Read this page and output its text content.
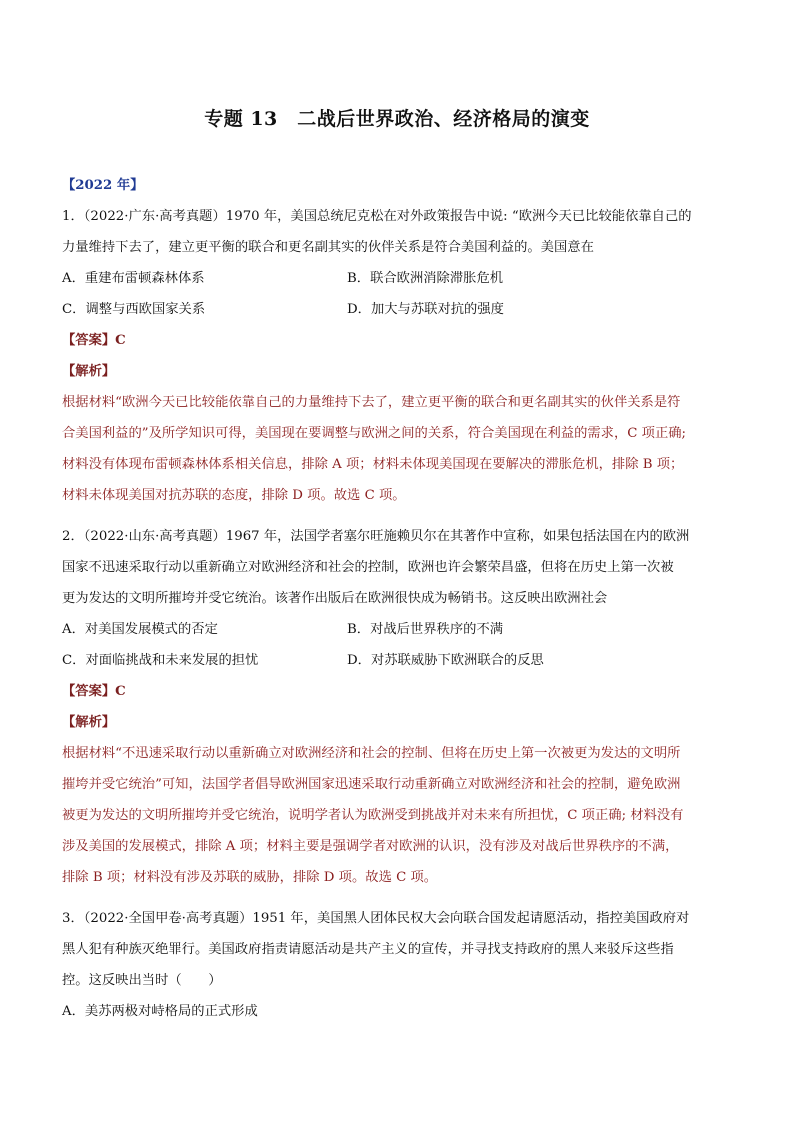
专题 13　二战后世界政治、经济格局的演变
【2022 年】
1．（2022·广东·高考真题）1970 年，美国总统尼克松在对外政策报告中说: “欧洲今天已比较能依靠自己的
力量维持下去了，建立更平衡的联合和更名副其实的伙伴关系是符合美国利益的。美国意在
A．重建布雷顿森林体系	B．联合欧洲消除滞胀危机
C．调整与西欧国家关系	D．加大与苏联对抗的强度
【答案】C
【解析】
根据材料“欧洲今天已比较能依靠自己的力量维持下去了，建立更平衡的联合和更名副其实的伙伴关系是符
合美国利益的”及所学知识可得，美国现在要调整与欧洲之间的关系，符合美国现在利益的需求，C 项正确;
材料没有体现布雷顿森林体系相关信息，排除 A 项；材料未体现美国现在要解决的滞胀危机，排除 B 项；
材料未体现美国对抗苏联的态度，排除 D 项。故选 C 项。
2．（2022·山东·高考真题）1967 年，法国学者塞尔旺施赖贝尔在其著作中宣称，如果包括法国在内的欧洲
国家不迅速采取行动以重新确立对欧洲经济和社会的控制，欧洲也许会繁荣昌盛，但将在历史上第一次被
更为发达的文明所摧垮并受它统治。该著作出版后在欧洲很快成为畅销书。这反映出欧洲社会
A．对美国发展模式的否定	B．对战后世界秩序的不满
C．对面临挑战和未来发展的担忧	D．对苏联威胁下欧洲联合的反思
【答案】C
【解析】
根据材料“不迅速采取行动以重新确立对欧洲经济和社会的控制、但将在历史上第一次被更为发达的文明所
摧垮并受它统治”可知，法国学者倡导欧洲国家迅速采取行动重新确立对欧洲经济和社会的控制，避免欧洲
被更为发达的文明所摧垮并受它统治，说明学者认为欧洲受到挑战并对未来有所担忧，C 项正确; 材料没有
涉及美国的发展模式，排除 A 项；材料主要是强调学者对欧洲的认识，没有涉及对战后世界秩序的不满，
排除 B 项；材料没有涉及苏联的威胁，排除 D 项。故选 C 项。
3．（2022·全国甲卷·高考真题）1951 年，美国黑人团体民权大会向联合国发起请愿活动，指控美国政府对
黑人犯有种族灭绝罪行。美国政府指责请愿活动是共产主义的宣传，并寻找支持政府的黑人来驳斥这些指
控。这反映出当时（　　）
A．美苏两极对峙格局的正式形成
